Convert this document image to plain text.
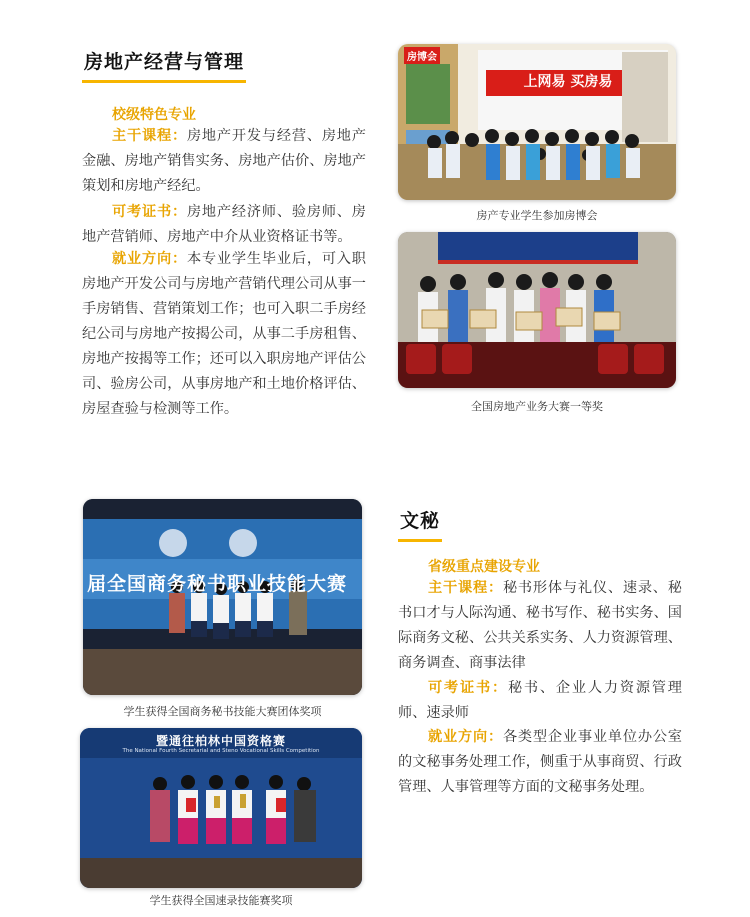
房地产经营与管理
校级特色专业
主干课程：房地产开发与经营、房地产金融、房地产销售实务、房地产估价、房地产策划和房地产经纪。
可考证书：房地产经济师、验房师、房地产营销师、房地产中介从业资格证书等。
就业方向：本专业学生毕业后，可入职房地产开发公司与房地产营销代理公司从事一手房销售、营销策划工作；也可入职二手房经纪公司与房地产按揭公司，从事二手房租售、房地产按揭等工作；还可以入职房地产评估公司、验房公司，从事房地产和土地价格评估、房屋查验与检测等工作。
上网易 买房易
房博会
房产专业学生参加房博会
全国房地产业务大赛一等奖
届全国商务秘书职业技能大赛
学生获得全国商务秘书技能大赛团体奖项
暨通往柏林中国资格赛
The National Fourth Secretarial and Steno Vocational Skills Competition
学生获得全国速录技能赛奖项
文秘
省级重点建设专业
主干课程：秘书形体与礼仪、速录、秘书口才与人际沟通、秘书写作、秘书实务、国际商务文秘、公共关系实务、人力资源管理、商务调查、商事法律
可考证书：秘书、企业人力资源管理师、速录师
就业方向：各类型企业事业单位办公室的文秘事务处理工作，侧重于从事商贸、行政管理、人事管理等方面的文秘事务处理。
